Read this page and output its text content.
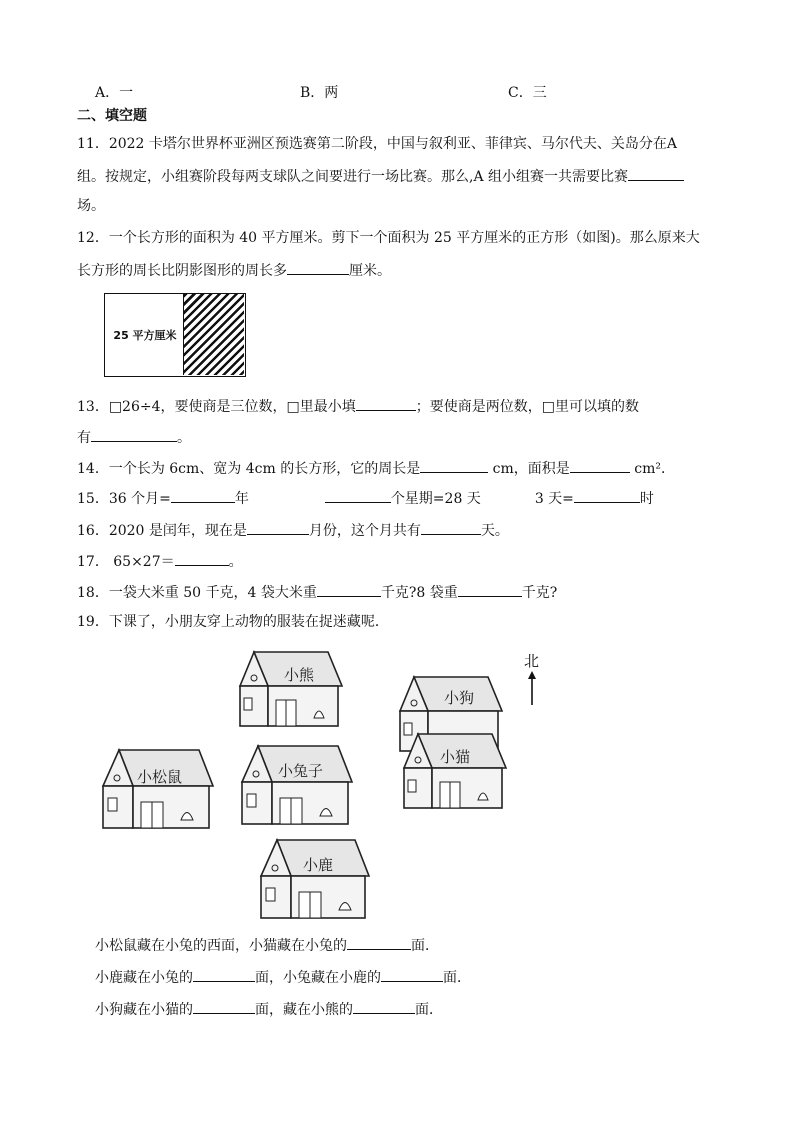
A．一	B．两	C．三
二、填空题
11．2022 卡塔尔世界杯亚洲区预选赛第二阶段，中国与叙利亚、菲律宾、马尔代夫、关岛分在A
组。按规定，小组赛阶段每两支球队之间要进行一场比赛。那么,A 组小组赛一共需要比赛
场。
12．一个长方形的面积为 40 平方厘米。剪下一个面积为 25 平方厘米的正方形（如图)。那么原来大
长方形的周长比阴影图形的周长多	厘米。
25 平方厘米
13．□26÷4，要使商是三位数，□里最小填	；要使商是两位数，□里可以填的数
有	。
14．一个长为 6cm、宽为 4cm 的长方形，它的周长是	cm，面积是	cm²．
15．36 个月=	年	个星期=28 天	3 天=	时
16．2020 是闰年，现在是	月份，这个月共有	天。
17． 65×27＝	。
18．一袋大米重 50 千克，4 袋大米重	千克?8 袋重	千克?
19．下课了，小朋友穿上动物的服装在捉迷藏呢．
小熊
小狗
小猫
小松鼠	小兔子
小鹿
北
小松鼠藏在小兔的西面，小猫藏在小兔的	面．
小鹿藏在小兔的	面，小兔藏在小鹿的	面．
小狗藏在小猫的	面，藏在小熊的	面．
